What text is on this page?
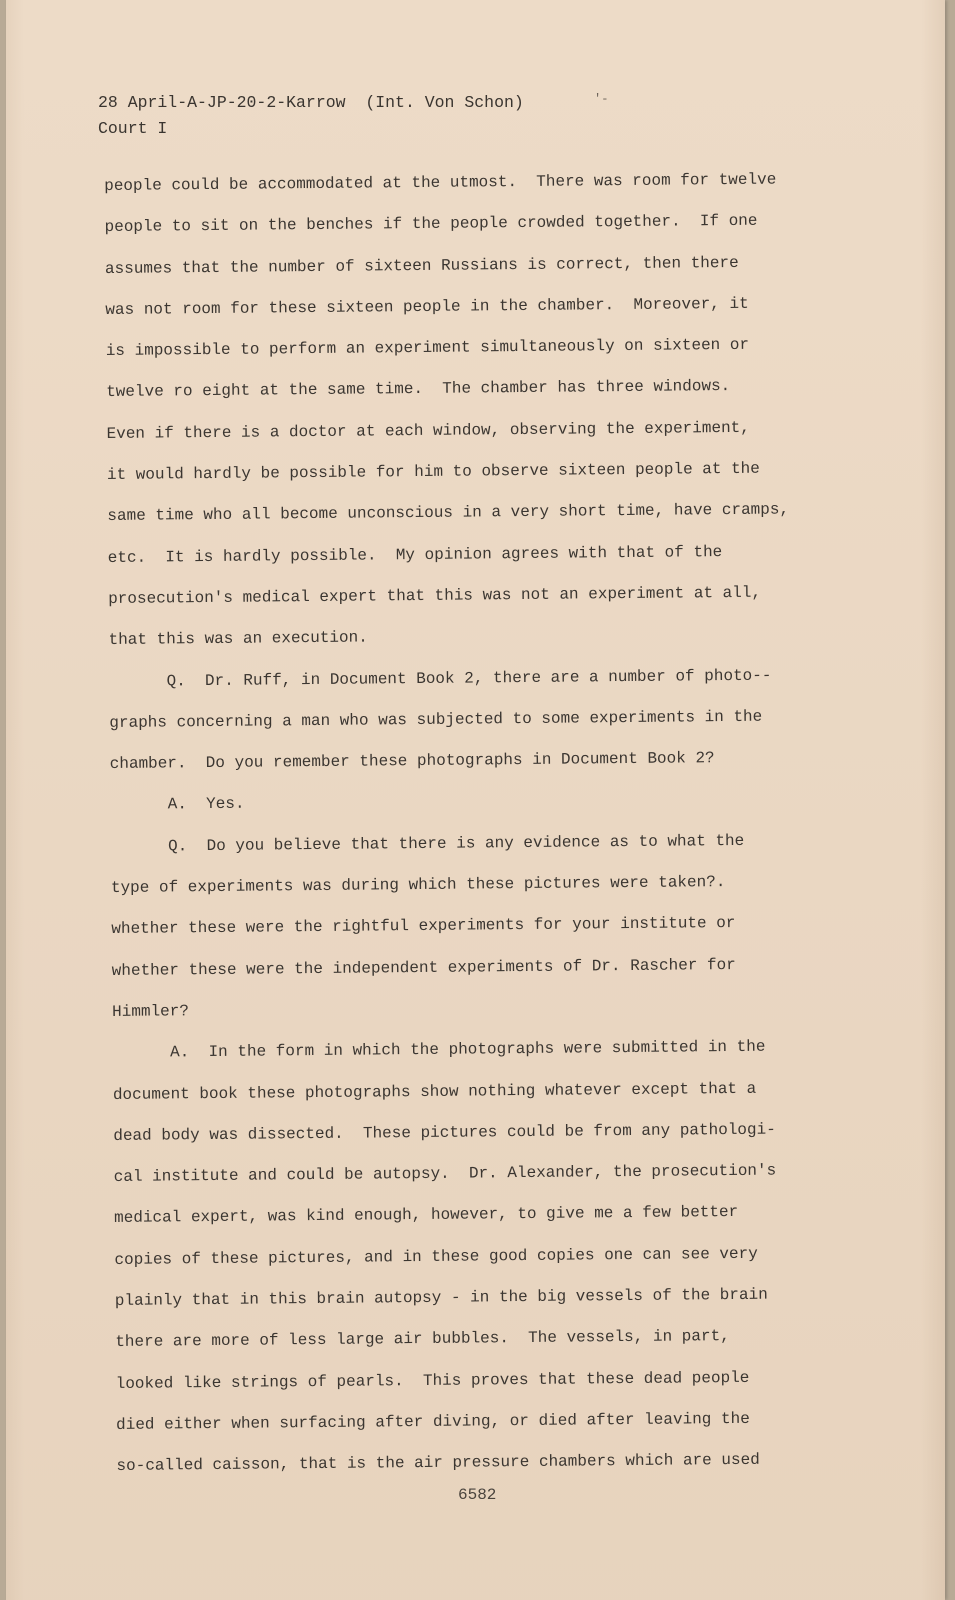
28 April-A-JP-20-2-Karrow  (Int. Von Schon)
Court I
'-
people could be accommodated at the utmost.  There was room for twelve
people to sit on the benches if the people crowded together.  If one
assumes that the number of sixteen Russians is correct, then there
was not room for these sixteen people in the chamber.  Moreover, it
is impossible to perform an experiment simultaneously on sixteen or
twelve ro eight at the same time.  The chamber has three windows.
Even if there is a doctor at each window, observing the experiment,
it would hardly be possible for him to observe sixteen people at the
same time who all become unconscious in a very short time, have cramps,
etc.  It is hardly possible.  My opinion agrees with that of the
prosecution's medical expert that this was not an experiment at all,
that this was an execution.
Q.  Dr. Ruff, in Document Book 2, there are a number of photo--
graphs concerning a man who was subjected to some experiments in the
chamber.  Do you remember these photographs in Document Book 2?
A.  Yes.
Q.  Do you believe that there is any evidence as to what the
type of experiments was during which these pictures were taken?.
whether these were the rightful experiments for your institute or
whether these were the independent experiments of Dr. Rascher for
Himmler?
A.  In the form in which the photographs were submitted in the
document book these photographs show nothing whatever except that a
dead body was dissected.  These pictures could be from any pathologi-
cal institute and could be autopsy.  Dr. Alexander, the prosecution's
medical expert, was kind enough, however, to give me a few better
copies of these pictures, and in these good copies one can see very
plainly that in this brain autopsy - in the big vessels of the brain
there are more of less large air bubbles.  The vessels, in part,
looked like strings of pearls.  This proves that these dead people
died either when surfacing after diving, or died after leaving the
so-called caisson, that is the air pressure chambers which are used
6582
